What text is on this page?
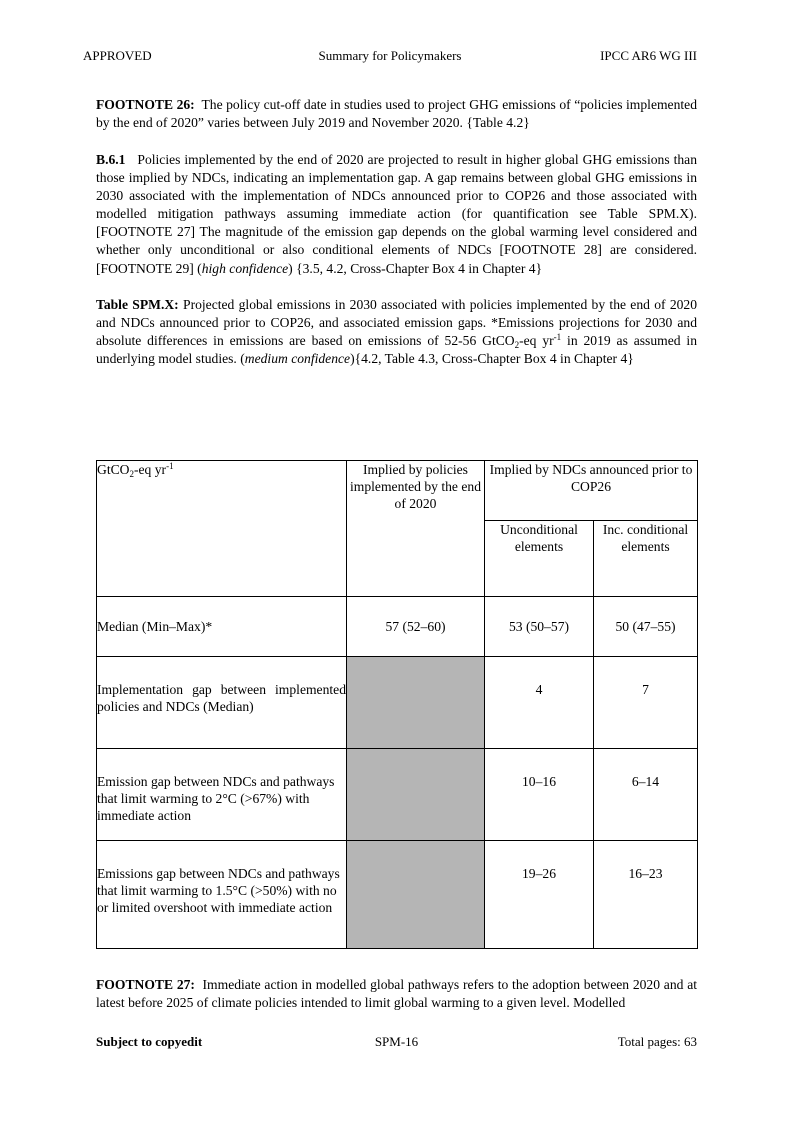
APPROVED	Summary for Policymakers	IPCC AR6 WG III
FOOTNOTE 26: The policy cut-off date in studies used to project GHG emissions of “policies implemented by the end of 2020” varies between July 2019 and November 2020. {Table 4.2}
B.6.1 Policies implemented by the end of 2020 are projected to result in higher global GHG emissions than those implied by NDCs, indicating an implementation gap. A gap remains between global GHG emissions in 2030 associated with the implementation of NDCs announced prior to COP26 and those associated with modelled mitigation pathways assuming immediate action (for quantification see Table SPM.X). [FOOTNOTE 27] The magnitude of the emission gap depends on the global warming level considered and whether only unconditional or also conditional elements of NDCs [FOOTNOTE 28] are considered.[FOOTNOTE 29] (high confidence) {3.5, 4.2, Cross-Chapter Box 4 in Chapter 4}
Table SPM.X: Projected global emissions in 2030 associated with policies implemented by the end of 2020 and NDCs announced prior to COP26, and associated emission gaps. *Emissions projections for 2030 and absolute differences in emissions are based on emissions of 52-56 GtCO$_2$-eq $yr^{-1}$ in 2019 as assumed in underlying model studies. (medium confidence){4.2, Table 4.3, Cross-Chapter Box 4 in Chapter 4}
GtCO$_2$-eq $yr^{-1}$	Implied by policies implemented by the end of 2020	Implied by NDCs announced prior to COP26	
		Unconditional elements	Inc. conditional elements
Median (Min–Max)*	57 (52–60)	53 (50–57)	50 (47–55)
Implementation gap between implemented policies and NDCs (Median)		4	7
Emission gap between NDCs and pathways that limit warming to 2°C (>67%) with immediate action		10–16	6–14
Emissions gap between NDCs and pathways that limit warming to 1.5°C (>50%) with no or limited overshoot with immediate action		19–26	16–23
FOOTNOTE 27: Immediate action in modelled global pathways refers to the adoption between 2020 and at latest before 2025 of climate policies intended to limit global warming to a given level. Modelled
Subject to copyedit	SPM-16	Total pages: 63
